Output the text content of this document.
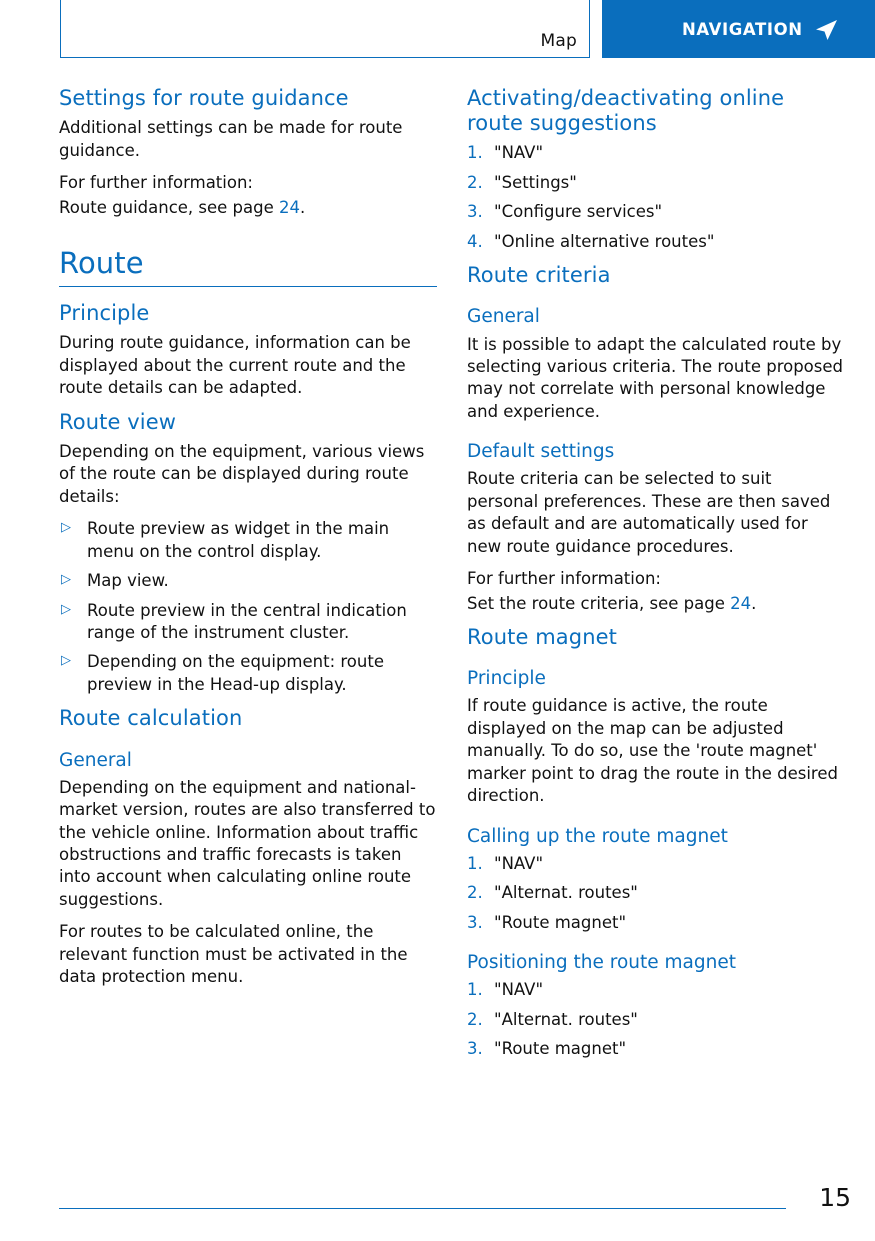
Map
NAVIGATION
Settings for route guidance

Additional settings can be made for route guidance.

For further information:

Route guidance, see page 24.

Route
Principle

During route guidance, information can be displayed about the current route and the route details can be adapted.

Route view

Depending on the equipment, various views of the route can be displayed during route details:

▷ Route preview as widget in the main menu on the control display.
▷ Map view.
▷ Route preview in the central indication range of the instrument cluster.
▷ Depending on the equipment: route preview in the Head-up display.
Route calculation
General

Depending on the equipment and national-market version, routes are also transferred to the vehicle online. Information about traffic obstructions and traffic forecasts is taken into account when calculating online route suggestions.

For routes to be calculated online, the relevant function must be activated in the data protection menu.

Activating/deactivating online route suggestions
1. "NAV"
2. "Settings"
3. "Configure services"
4. "Online alternative routes"
Route criteria
General

It is possible to adapt the calculated route by selecting various criteria. The route proposed may not correlate with personal knowledge and experience.

Default settings

Route criteria can be selected to suit personal preferences. These are then saved as default and are automatically used for new route guidance procedures.

For further information:

Set the route criteria, see page 24.

Route magnet
Principle

If route guidance is active, the route displayed on the map can be adjusted manually. To do so, use the 'route magnet' marker point to drag the route in the desired direction.

Calling up the route magnet
1. "NAV"
2. "Alternat. routes"
3. "Route magnet"
Positioning the route magnet
1. "NAV"
2. "Alternat. routes"
3. "Route magnet"
15
